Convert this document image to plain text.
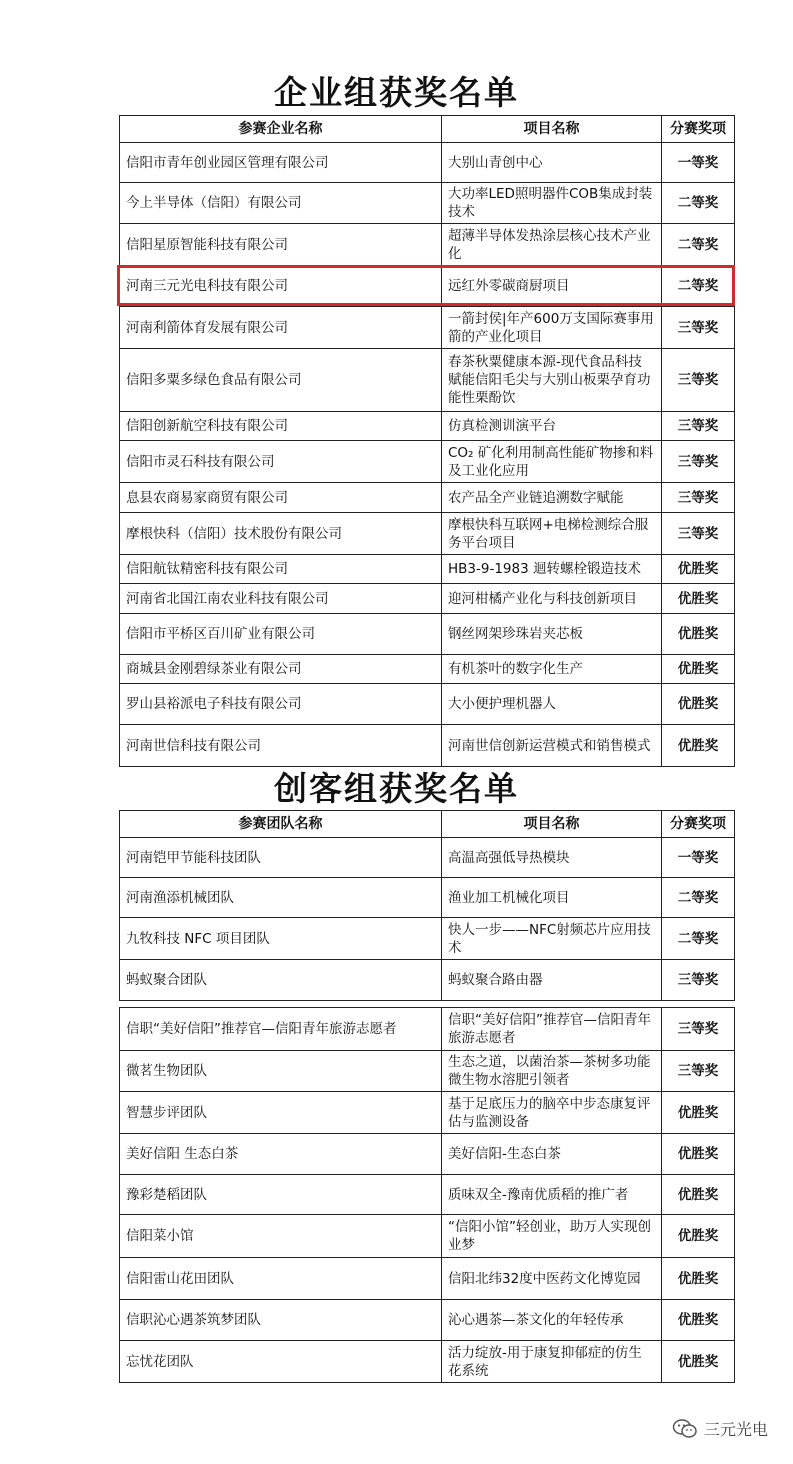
企业组获奖名单
参赛企业名称	项目名称	分赛奖项
信阳市青年创业园区管理有限公司	大别山青创中心	一等奖
今上半导体（信阳）有限公司	大功率LED照明器件COB集成封装技术	二等奖
信阳星原智能科技有限公司	超薄半导体发热涂层核心技术产业化	二等奖
河南三元光电科技有限公司	远红外零碳商厨项目	二等奖
河南利箭体育发展有限公司	一箭封侯|年产600万支国际赛事用箭的产业化项目	三等奖
信阳多粟多绿色食品有限公司	春茶秋粟健康本源-现代食品科技赋能信阳毛尖与大别山板栗孕育功能性栗酚饮	三等奖
信阳创新航空科技有限公司	仿真检测训演平台	三等奖
信阳市灵石科技有限公司	CO₂ 矿化利用制高性能矿物掺和料及工业化应用	三等奖
息县农商易家商贸有限公司	农产品全产业链追溯数字赋能	三等奖
摩根快科（信阳）技术股份有限公司	摩根快科互联网+电梯检测综合服务平台项目	三等奖
信阳航钛精密科技有限公司	HB3-9-1983 迴转螺栓锻造技术	优胜奖
河南省北国江南农业科技有限公司	迎河柑橘产业化与科技创新项目	优胜奖
信阳市平桥区百川矿业有限公司	钢丝网架珍珠岩夹芯板	优胜奖
商城县金刚碧绿茶业有限公司	有机茶叶的数字化生产	优胜奖
罗山县裕派电子科技有限公司	大小便护理机器人	优胜奖
河南世信科技有限公司	河南世信创新运营模式和销售模式	优胜奖
创客组获奖名单
参赛团队名称	项目名称	分赛奖项
河南铠甲节能科技团队	高温高强低导热模块	一等奖
河南渔添机械团队	渔业加工机械化项目	二等奖
九牧科技 NFC 项目团队	快人一步——NFC射频芯片应用技术	二等奖
蚂蚁聚合团队	蚂蚁聚合路由器	三等奖
信职“美好信阳”推荐官—信阳青年旅游志愿者	信职“美好信阳”推荐官—信阳青年旅游志愿者	三等奖
微茗生物团队	生态之道，以菌治茶—茶树多功能微生物水溶肥引领者	三等奖
智慧步评团队	基于足底压力的脑卒中步态康复评估与监测设备	优胜奖
美好信阳 生态白茶	美好信阳-生态白茶	优胜奖
豫彩楚稻团队	质味双全-豫南优质稻的推广者	优胜奖
信阳菜小馆	“信阳小馆”轻创业，助万人实现创业梦	优胜奖
信阳雷山花田团队	信阳北纬32度中医药文化博览园	优胜奖
信职沁心遇茶筑梦团队	沁心遇茶—茶文化的年轻传承	优胜奖
忘忧花团队	活力绽放-用于康复抑郁症的仿生花系统	优胜奖
三元光电
